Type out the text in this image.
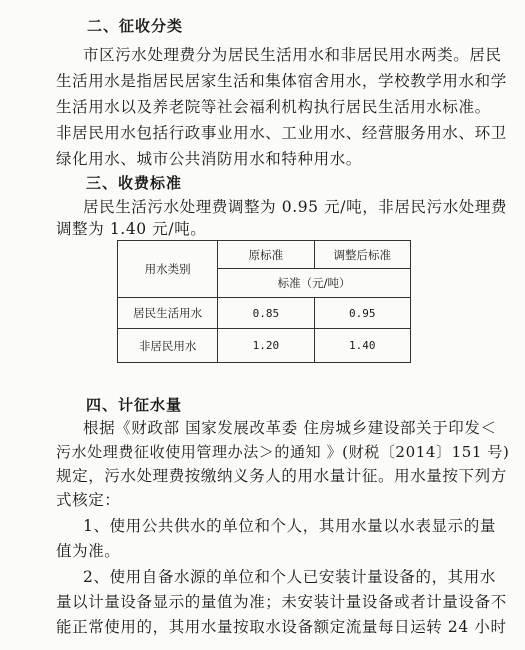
二、征收分类
市区污水处理费分为居民生活用水和非居民用水两类。居民
生活用水是指居民居家生活和集体宿舍用水，学校教学用水和学
生活用水以及养老院等社会福利机构执行居民生活用水标准。
非居民用水包括行政事业用水、工业用水、经营服务用水、环卫
绿化用水、城市公共消防用水和特种用水。
三、收费标准
居民生活污水处理费调整为 0.95 元/吨，非居民污水处理费
调整为 1.40 元/吨。
用水类别	原标准	调整后标准
	标准（元/吨）	
居民生活用水	0.85	0.95
非居民用水	1.20	1.40
四、计征水量
根据《财政部 国家发展改革委 住房城乡建设部关于印发＜
污水处理费征收使用管理办法＞的通知 》(财税〔2014〕151 号)
规定，污水处理费按缴纳义务人的用水量计征。用水量按下列方
式核定：
1、使用公共供水的单位和个人，其用水量以水表显示的量
值为准。
2、使用自备水源的单位和个人已安装计量设备的，其用水
量以计量设备显示的量值为准；未安装计量设备或者计量设备不
能正常使用的，其用水量按取水设备额定流量每日运转 24 小时
